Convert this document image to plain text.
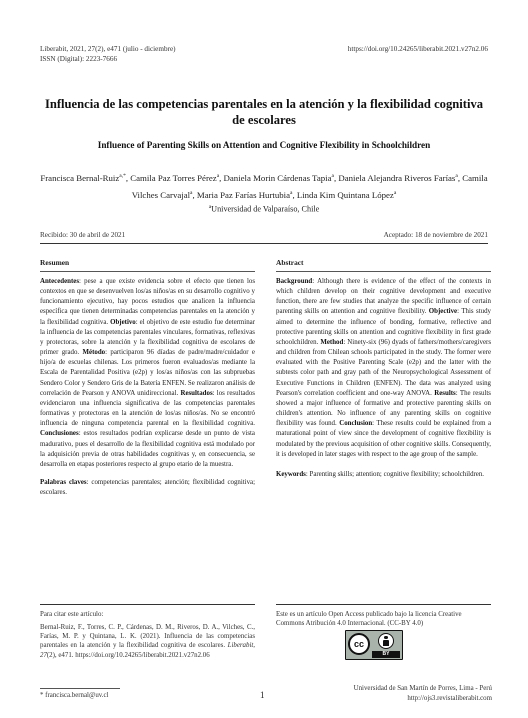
Liberabit, 2021, 27(2), e471 (julio - diciembre)
ISSN (Digital): 2223-7666
https://doi.org/10.24265/liberabit.2021.v27n2.06
Influencia de las competencias parentales en la atención y la flexibilidad cognitiva de escolares
Influence of Parenting Skills on Attention and Cognitive Flexibility in Schoolchildren
Francisca Bernal-Ruiz$^{a,*}$, Camila Paz Torres Pérez$^a$, Daniela Morin Cárdenas Tapia$^a$, Daniela Alejandra Riveros Farías$^a$, Camila Vilches Carvajal$^a$, Maria Paz Farías Hurtubia$^a$, Linda Kim Quintana López$^a$
$^a$Universidad de Valparaíso, Chile
Recibido: 30 de abril de 2021	Aceptado: 18 de noviembre de 2021
Resumen
Antecedentes: pese a que existe evidencia sobre el efecto que tienen los contextos en que se desenvuelven los/as niños/as en su desarrollo cognitivo y funcionamiento ejecutivo, hay pocos estudios que analicen la influencia específica que tienen determinadas competencias parentales en la atención y la flexibilidad cognitiva. Objetivo: el objetivo de este estudio fue determinar la influencia de las competencias parentales vinculares, formativas, reflexivas y protectoras, sobre la atención y la flexibilidad cognitiva de escolares de primer grado. Método: participaron 96 díadas de padre/madre/cuidador e hijo/a de escuelas chilenas. Los primeros fueron evaluados/as mediante la Escala de Parentalidad Positiva (e2p) y los/as niños/as con las subpruebas Sendero Color y Sendero Gris de la Batería ENFEN. Se realizaron análisis de correlación de Pearson y ANOVA unidireccional. Resultados: los resultados evidenciaron una influencia significativa de las competencias parentales formativas y protectoras en la atención de los/as niños/as. No se encontró influencia de ninguna competencia parental en la flexibilidad cognitiva. Conclusiones: estos resultados podrían explicarse desde un punto de vista madurativo, pues el desarrollo de la flexibilidad cognitiva está modulado por la adquisición previa de otras habilidades cognitivas y, en consecuencia, se desarrolla en etapas posteriores respecto al grupo etario de la muestra.
Palabras claves: competencias parentales; atención; flexibilidad cognitiva; escolares.
Abstract
Background: Although there is evidence of the effect of the contexts in which children develop on their cognitive development and executive function, there are few studies that analyze the specific influence of certain parenting skills on attention and cognitive flexibility. Objective: This study aimed to determine the influence of bonding, formative, reflective and protective parenting skills on attention and cognitive flexibility in first grade schoolchildren. Method: Ninety-six (96) dyads of fathers/mothers/caregivers and children from Chilean schools participated in the study. The former were evaluated with the Positive Parenting Scale (e2p) and the latter with the subtests color path and gray path of the Neuropsychological Assessment of Executive Functions in Children (ENFEN). The data was analyzed using Pearson's correlation coefficient and one-way ANOVA. Results: The results showed a major influence of formative and protective parenting skills on children's attention. No influence of any parenting skills on cognitive flexibility was found. Conclusion: These results could be explained from a maturational point of view since the development of cognitive flexibility is modulated by the previous acquisition of other cognitive skills. Consequently, it is developed in later stages with respect to the age group of the sample.
Keywords: Parenting skills; attention; cognitive flexibility; schoolchildren.
Para citar este artículo:
Bernal-Ruiz, F., Torres, C. P., Cárdenas, D. M., Riveros, D. A., Vilches, C., Farías, M. P. y Quintana, L. K. (2021). Influencia de las competencias parentales en la atención y la flexibilidad cognitiva de escolares. Liberabit, 27(2), e471. https://doi.org/10.24265/liberabit.2021.v27n2.06
Este es un artículo Open Access publicado bajo la licencia Creative Commons Atribución 4.0 Internacional. (CC-BY 4.0)
cc
BY
* francisca.bernal@uv.cl	1
Universidad de San Martín de Porres, Lima - Perú
http://ojs3.revistaliberabit.com
